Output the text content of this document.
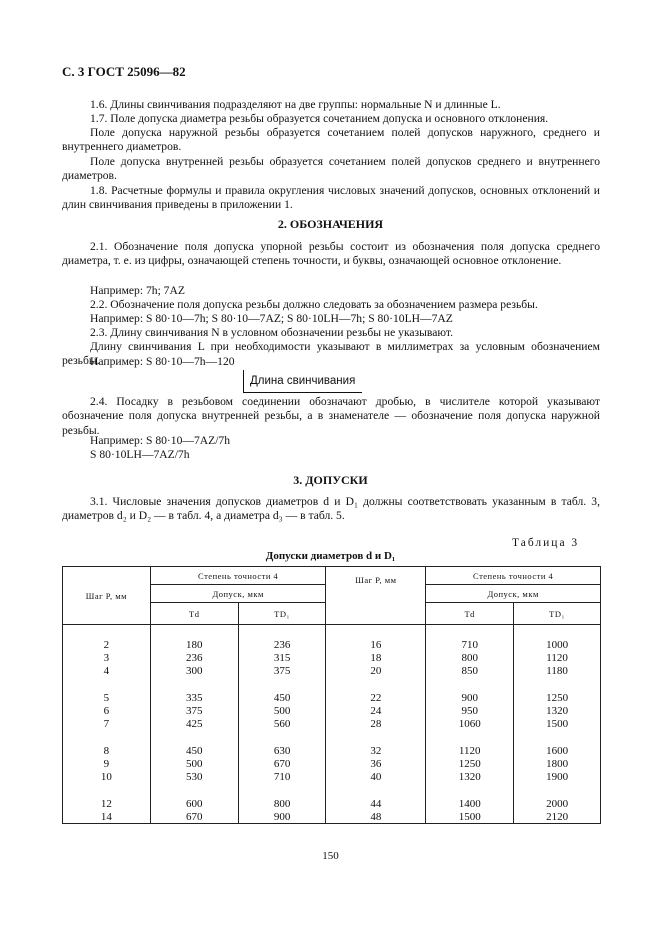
С. 3 ГОСТ 25096—82
1.6. Длины свинчивания подразделяют на две группы: нормальные N и длинные L.
1.7. Поле допуска диаметра резьбы образуется сочетанием допуска и основного отклонения.
Поле допуска наружной резьбы образуется сочетанием полей допусков наружного, среднего и внутреннего диаметров.
Поле допуска внутренней резьбы образуется сочетанием полей допусков среднего и внутреннего диаметров.
1.8. Расчетные формулы и правила округления числовых значений допусков, основных отклонений и длин свинчивания приведены в приложении 1.
2. ОБОЗНАЧЕНИЯ
2.1. Обозначение поля допуска упорной резьбы состоит из обозначения поля допуска среднего диаметра, т. е. из цифры, означающей степень точности, и буквы, означающей основное отклонение.
Например: 7h; 7AZ
2.2. Обозначение поля допуска резьбы должно следовать за обозначением размера резьбы.
Например: S 80·10—7h; S 80·10—7AZ; S 80·10LH—7h; S 80·10LH—7AZ
2.3. Длину свинчивания N в условном обозначении резьбы не указывают.
Длину свинчивания L при необходимости указывают в миллиметрах за условным обозначением резьбы.
Например: S 80·10—7h—120
Длина свинчивания
2.4. Посадку в резьбовом соединении обозначают дробью, в числителе которой указывают обозначение поля допуска внутренней резьбы, а в знаменателе — обозначение поля допуска наружной резьбы.
Например: S 80·10—7AZ/7h
S 80·10LH—7AZ/7h
3. ДОПУСКИ
3.1. Числовые значения допусков диаметров d и D₁ должны соответствовать указанным в табл. 3, диаметров d₂ и D₂ — в табл. 4, а диаметра d₃ — в табл. 5.
Таблица 3
Допуски диаметров d и D₁
Шаг P, мм	Степень точности 4		Шаг P, мм	Степень точности 4	
	Допуск, мкм			Допуск, мкм	
	Td	TD₁		Td	TD₁

2	180	236	16	710	1000
3	236	315	18	800	1120
4	300	375	20	850	1180

5	335	450	22	900	1250
6	375	500	24	950	1320
7	425	560	28	1060	1500

8	450	630	32	1120	1600
9	500	670	36	1250	1800
10	530	710	40	1320	1900

12	600	800	44	1400	2000
14	670	900	48	1500	2120
150
